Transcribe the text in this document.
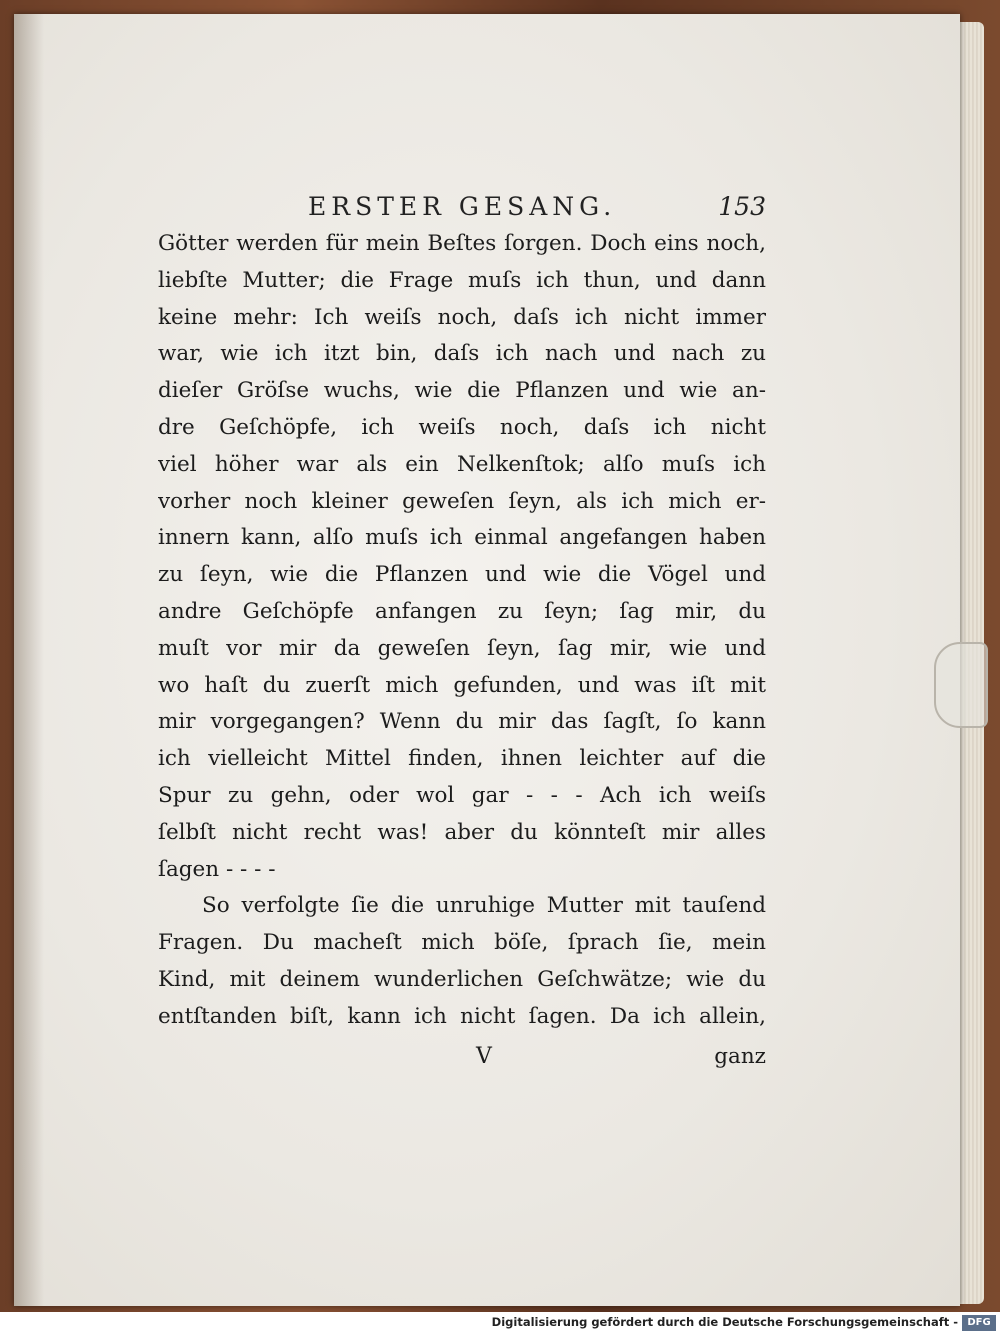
ERSTER GESANG.	153
Götter werden für mein Beſtes ſorgen. Doch eins noch,
liebſte Mutter; die Frage muſs ich thun, und dann
keine mehr: Ich weiſs noch, daſs ich nicht immer
war, wie ich itzt bin, daſs ich nach und nach zu
dieſer Gröſse wuchs, wie die Pflanzen und wie an-
dre Geſchöpfe, ich weiſs noch, daſs ich nicht
viel höher war als ein Nelkenſtok; alſo muſs ich
vorher noch kleiner geweſen ſeyn, als ich mich er-
innern kann, alſo muſs ich einmal angefangen haben
zu ſeyn, wie die Pflanzen und wie die Vögel und
andre Geſchöpfe anfangen zu ſeyn; ſag mir, du
muſt vor mir da geweſen ſeyn, ſag mir, wie und
wo haſt du zuerſt mich gefunden, und was iſt mit
mir vorgegangen? Wenn du mir das ſagſt, ſo kann
ich vielleicht Mittel finden, ihnen leichter auf die
Spur zu gehn, oder wol gar - - - Ach ich weiſs
ſelbſt nicht recht was! aber du könnteſt mir alles
ſagen - - - -
So verfolgte ſie die unruhige Mutter mit tauſend
Fragen. Du macheſt mich böſe, ſprach ſie, mein
Kind, mit deinem wunderlichen Geſchwätze; wie du
entſtanden biſt, kann ich nicht ſagen. Da ich allein,
V	ganz
Digitalisierung gefördert durch die Deutsche Forschungsgemeinschaft - DFG
